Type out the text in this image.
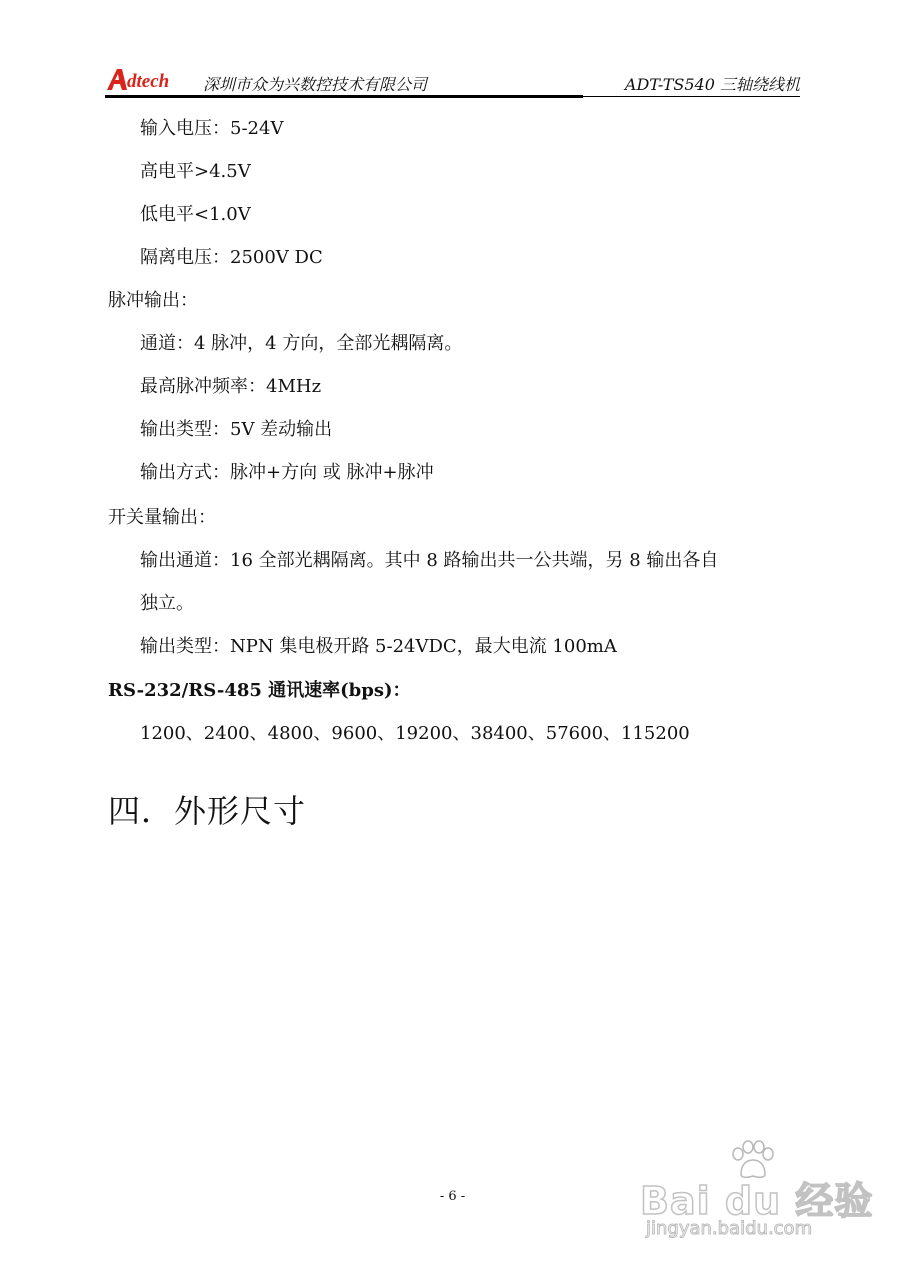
dtech 深圳市众为兴数控技术有限公司	ADT-TS540 三轴绕线机
输入电压：5-24V
高电平>4.5V
低电平<1.0V
隔离电压：2500V DC
脉冲输出：
通道：4 脉冲，4 方向，全部光耦隔离。
最高脉冲频率：4MHz
输出类型：5V 差动输出
输出方式：脉冲+方向 或 脉冲+脉冲
开关量输出：
输出通道：16 全部光耦隔离。其中 8 路输出共一公共端，另 8 输出各自
独立。
输出类型：NPN 集电极开路 5-24VDC，最大电流 100mA
RS-232/RS-485 通讯速率(bps)：
1200、2400、4800、9600、19200、38400、57600、115200
四．外形尺寸
- 6 -	Bai du 经验
jingyan.baidu.com
